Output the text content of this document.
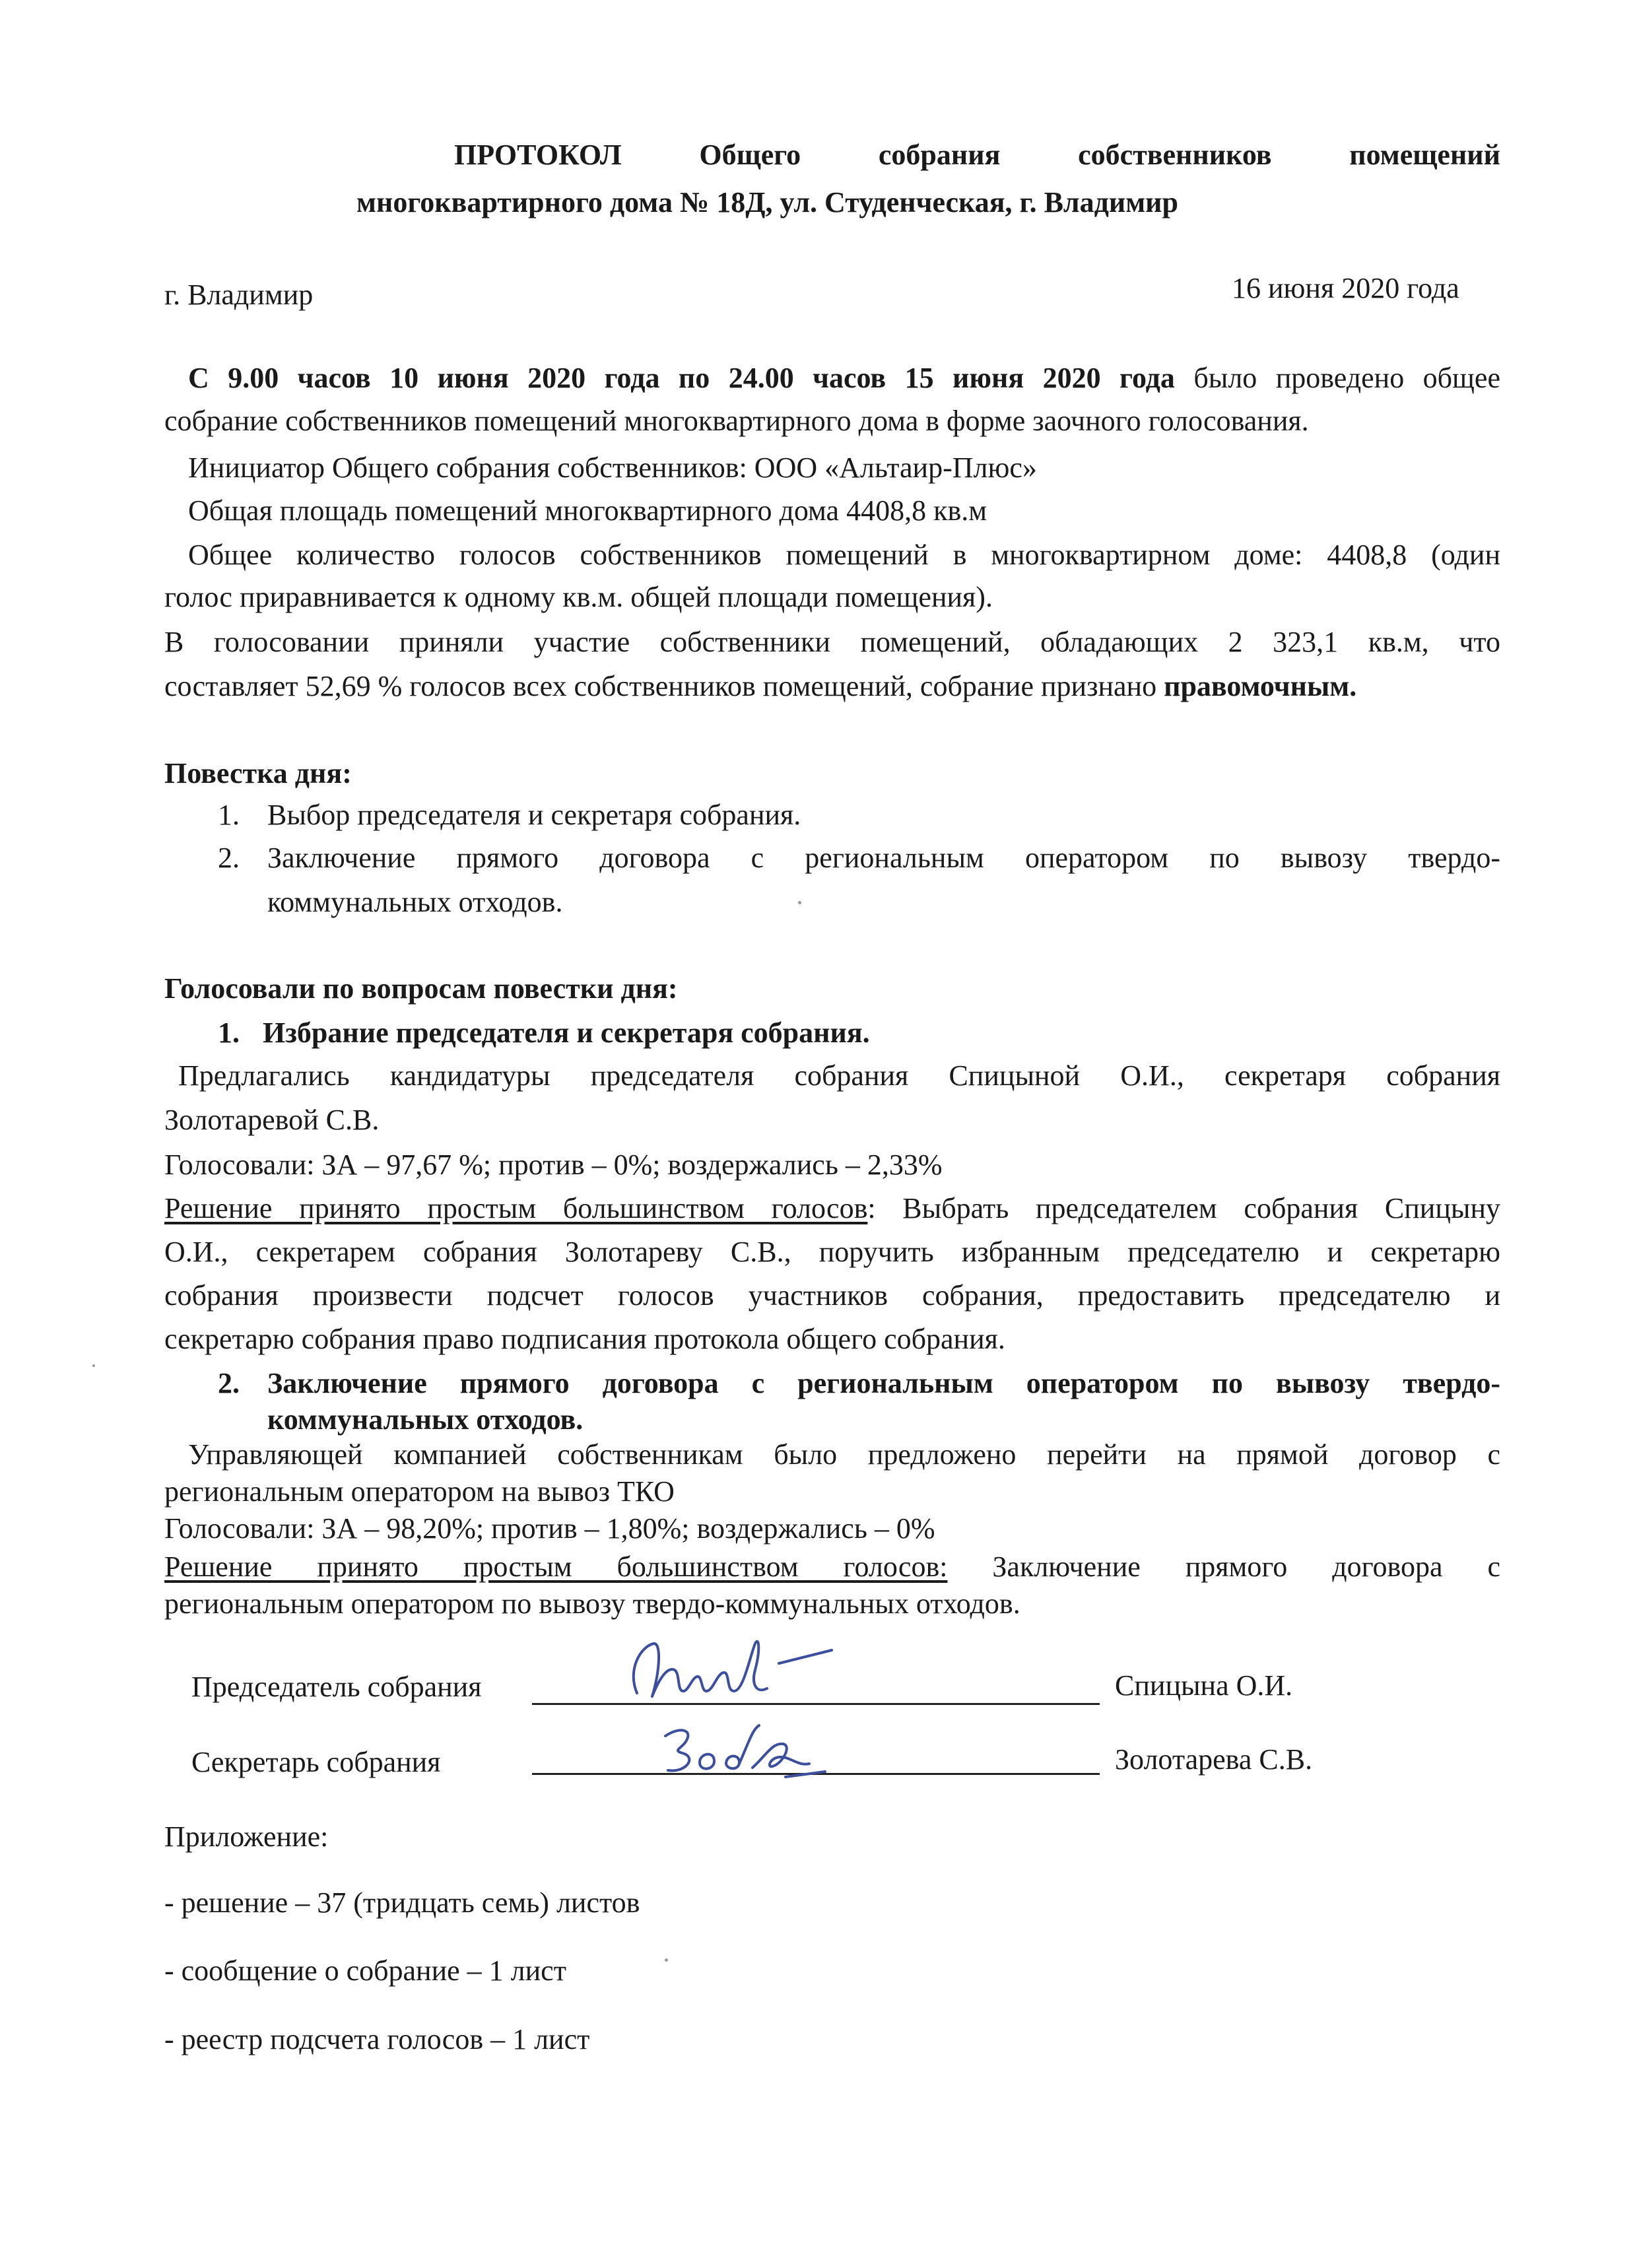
ПРОТОКОЛ Общего собрания собственников помещений
многоквартирного дома № 18Д, ул. Студенческая, г. Владимир
г. Владимир	16 июня 2020 года
С 9.00 часов 10 июня 2020 года по 24.00 часов 15 июня 2020 года было проведено общее
собрание собственников помещений многоквартирного дома в форме заочного голосования.
Инициатор Общего собрания собственников: ООО «Альтаир-Плюс»
Общая площадь помещений многоквартирного дома 4408,8 кв.м
Общее количество голосов собственников помещений в многоквартирном доме: 4408,8 (один
голос приравнивается к одному кв.м. общей площади помещения).
В голосовании приняли участие собственники помещений, обладающих 2 323,1 кв.м, что
составляет 52,69 % голосов всех собственников помещений, собрание признано правомочным.
Повестка дня:
1. Выбор председателя и секретаря собрания.
2. Заключение прямого договора с региональным оператором по вывозу твердо-
коммунальных отходов.
Голосовали по вопросам повестки дня:
1. Избрание председателя и секретаря собрания.
Предлагались кандидатуры председателя собрания Спицыной О.И., секретаря собрания
Золотаревой С.В.
Голосовали: ЗА – 97,67 %; против – 0%; воздержались – 2,33%
Решение принято простым большинством голосов: Выбрать председателем собрания Спицыну
О.И., секретарем собрания Золотареву С.В., поручить избранным председателю и секретарю
собрания произвести подсчет голосов участников собрания, предоставить председателю и
секретарю собрания право подписания протокола общего собрания.
2. Заключение прямого договора с региональным оператором по вывозу твердо-
коммунальных отходов.
Управляющей компанией собственникам было предложено перейти на прямой договор с
региональным оператором на вывоз ТКО
Голосовали: ЗА – 98,20%; против – 1,80%; воздержались – 0%
Решение принято простым большинством голосов: Заключение прямого договора с
региональным оператором по вывозу твердо-коммунальных отходов.
Председатель собрания	Спицына О.И.
Секретарь собрания	Золотарева С.В.
Приложение:
- решение – 37 (тридцать семь) листов
- сообщение о собрание – 1 лист
- реестр подсчета голосов – 1 лист
